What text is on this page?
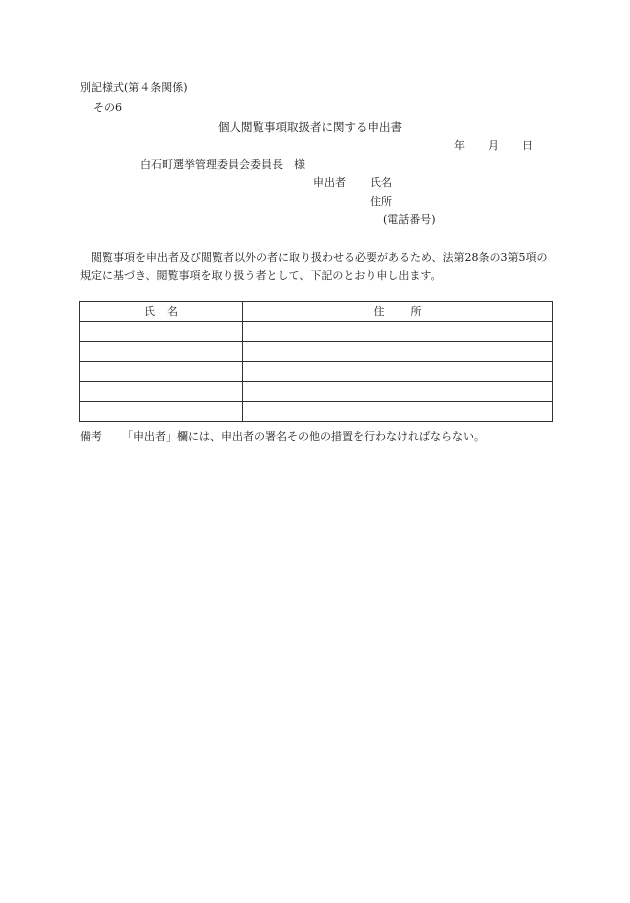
別記様式(第４条関係)
その6
個人閲覧事項取扱者に関する申出書
年 月 日
白石町選挙管理委員会委員長　様
申出者 氏名
住所
(電話番号)
閲覧事項を申出者及び閲覧者以外の者に取り扱わせる必要があるため、法第28条の3第5項の規定に基づき、閲覧事項を取り扱う者として、下記のとおり申し出ます。
氏名	住所

備考 「申出者」欄には、申出者の署名その他の措置を行わなければならない。
